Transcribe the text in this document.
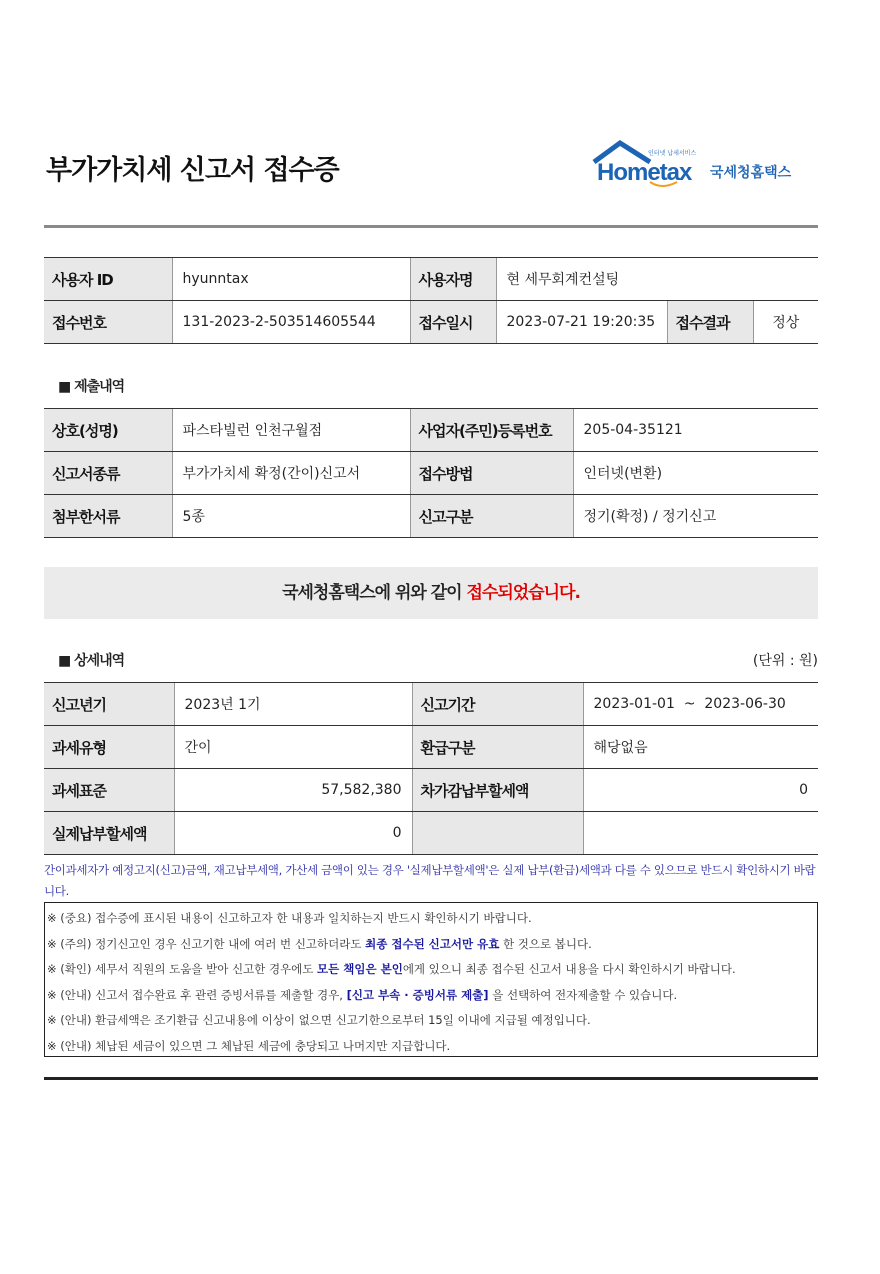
부가가치세 신고서 접수증
인터넷 납세서비스
Hometax 국세청홈택스
사용자 ID	hyunntax	사용자명	현 세무회계컨설팅		
접수번호	131-2023-2-503514605544	접수일시	2023-07-21 19:20:35	접수결과	정상
■ 제출내역
상호(성명)	파스타빌런 인천구월점	사업자(주민)등록번호	205-04-35121
신고서종류	부가가치세 확정(간이)신고서	접수방법	인터넷(변환)
첨부한서류	5종	신고구분	정기(확정) / 정기신고
국세청홈택스에 위와 같이 접수되었습니다.
■ 상세내역	(단위 : 원)
신고년기	2023년 1기	신고기간	2023-01-01  ~  2023-06-30
과세유형	간이	환급구분	해당없음
과세표준	57,582,380	차가감납부할세액	0
실제납부할세액	0		
간이과세자가 예정고지(신고)금액, 재고납부세액, 가산세 금액이 있는 경우 '실제납부할세액'은 실제 납부(환급)세액과 다를 수 있으므로 반드시 확인하시기 바랍니다.
※ (중요) 접수증에 표시된 내용이 신고하고자 한 내용과 일치하는지 반드시 확인하시기 바랍니다.
※ (주의) 정기신고인 경우 신고기한 내에 여러 번 신고하더라도 최종 접수된 신고서만 유효 한 것으로 봅니다.
※ (확인) 세무서 직원의 도움을 받아 신고한 경우에도 모든 책임은 본인에게 있으니 최종 접수된 신고서 내용을 다시 확인하시기 바랍니다.
※ (안내) 신고서 접수완료 후 관련 증빙서류를 제출할 경우, [신고 부속 · 증빙서류 제출] 을 선택하여 전자제출할 수 있습니다.
※ (안내) 환급세액은 조기환급 신고내용에 이상이 없으면 신고기한으로부터 15일 이내에 지급될 예정입니다.
※ (안내) 체납된 세금이 있으면 그 체납된 세금에 충당되고 나머지만 지급합니다.
